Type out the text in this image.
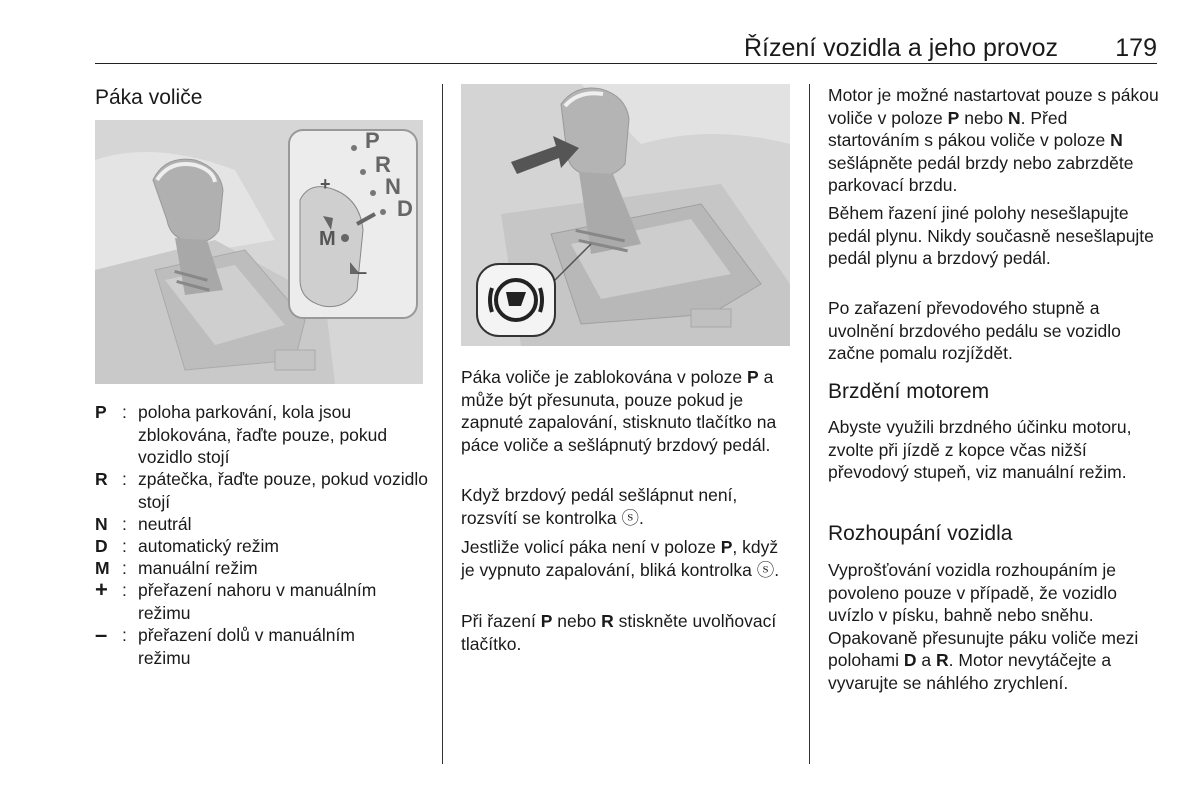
Řízení vozidla a jeho provoz 179
Páka voliče
P
R
N
D
M
+
–
P : poloha parkování, kola jsou zblokována, řaďte pouze, pokud vozidlo stojí
R : zpátečka, řaďte pouze, pokud vozidlo stojí
N : neutrál
D : automatický režim
M : manuální režim
+ : přeřazení nahoru v manuálním režimu
– : přeřazení dolů v manuálním režimu
Páka voliče je zablokována v poloze P a může být přesunuta, pouze pokud je zapnuté zapalování, stisknuto tlačítko na páce voliče a sešlápnutý brzdový pedál.
Když brzdový pedál sešlápnut není, rozsvítí se kontrolka ⓢ.
Jestliže volicí páka není v poloze P, když je vypnuto zapalování, bliká kontrolka ⓢ.
Při řazení P nebo R stiskněte uvolňovací tlačítko.
Motor je možné nastartovat pouze s pákou voliče v poloze P nebo N. Před startováním s pákou voliče v poloze N sešlápněte pedál brzdy nebo zabrzděte parkovací brzdu.
Během řazení jiné polohy nesešlapujte pedál plynu. Nikdy současně nesešlapujte pedál plynu a brzdový pedál.
Po zařazení převodového stupně a uvolnění brzdového pedálu se vozidlo začne pomalu rozjíždět.
Brzdění motorem
Abyste využili brzdného účinku motoru, zvolte při jízdě z kopce včas nižší převodový stupeň, viz manuální režim.
Rozhoupání vozidla
Vyprošťování vozidla rozhoupáním je povoleno pouze v případě, že vozidlo uvízlo v písku, bahně nebo sněhu. Opakovaně přesunujte páku voliče mezi polohami D a R. Motor nevytáčejte a vyvarujte se náhlého zrychlení.
